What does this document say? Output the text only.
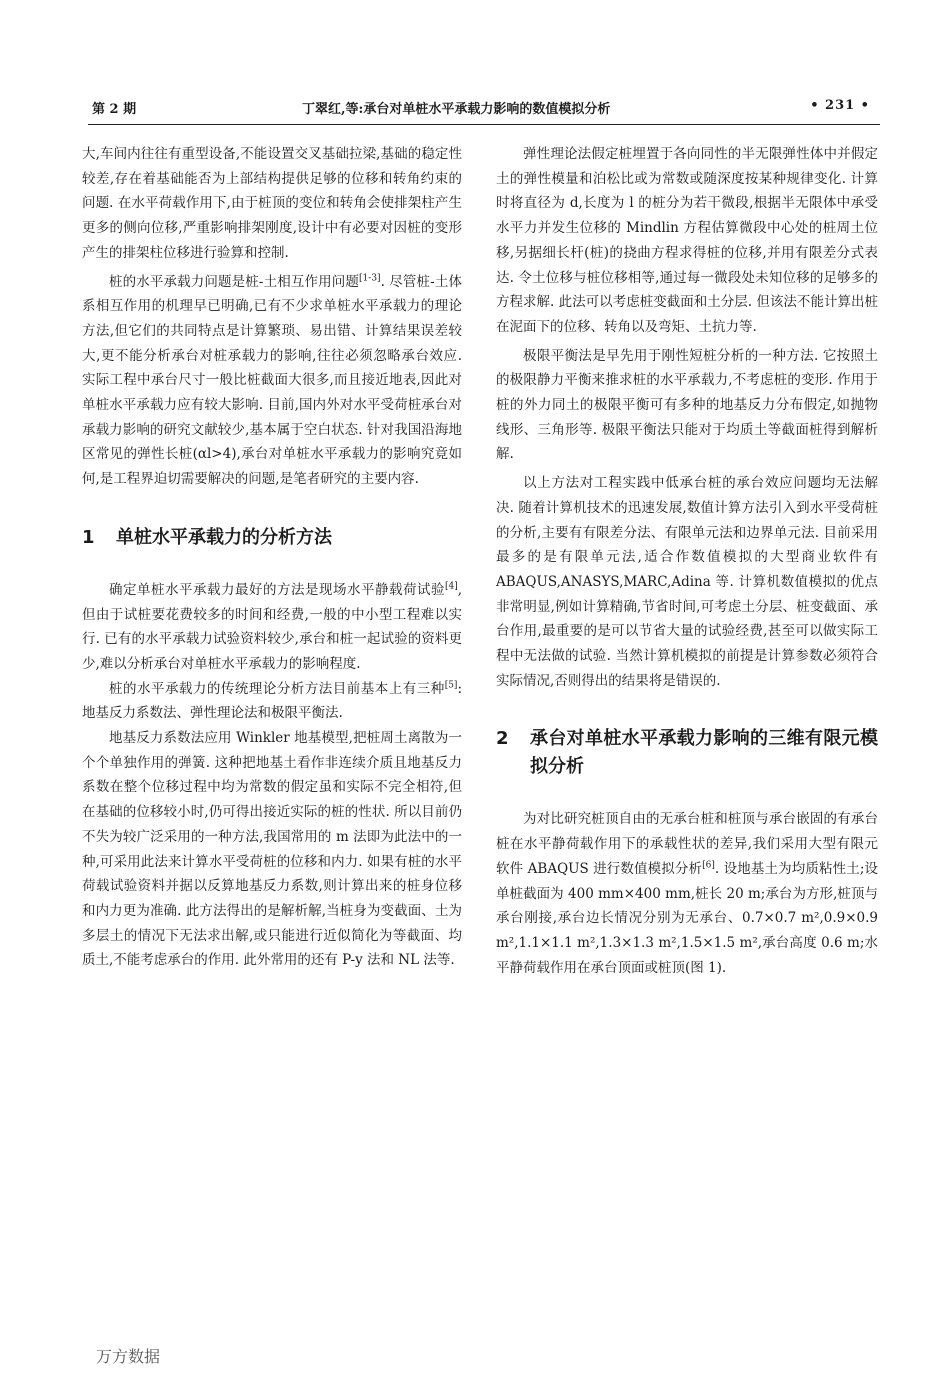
第 2 期	丁翠红,等:承台对单桩水平承载力影响的数值模拟分析	• 231 •

大,车间内往往有重型设备,不能设置交叉基础拉梁,基础的稳定性较差,存在着基础能否为上部结构提供足够的位移和转角约束的问题. 在水平荷载作用下,由于桩顶的变位和转角会使排架柱产生更多的侧向位移,严重影响排架刚度,设计中有必要对因桩的变形产生的排架柱位移进行验算和控制.

桩的水平承载力问题是桩-土相互作用问题[1-3]. 尽管桩-土体系相互作用的机理早已明确,已有不少求单桩水平承载力的理论方法,但它们的共同特点是计算繁琐、易出错、计算结果误差较大,更不能分析承台对桩承载力的影响,往往必须忽略承台效应. 实际工程中承台尺寸一般比桩截面大很多,而且接近地表,因此对单桩水平承载力应有较大影响. 目前,国内外对水平受荷桩承台对承载力影响的研究文献较少,基本属于空白状态. 针对我国沿海地区常见的弹性长桩(αl>4),承台对单桩水平承载力的影响究竟如何,是工程界迫切需要解决的问题,是笔者研究的主要内容.

1	单桩水平承载力的分析方法

确定单桩水平承载力最好的方法是现场水平静载荷试验[4],但由于试桩要花费较多的时间和经费,一般的中小型工程难以实行. 已有的水平承载力试验资料较少,承台和桩一起试验的资料更少,难以分析承台对单桩水平承载力的影响程度.

桩的水平承载力的传统理论分析方法目前基本上有三种[5]:地基反力系数法、弹性理论法和极限平衡法.

地基反力系数法应用 Winkler 地基模型,把桩周土离散为一个个单独作用的弹簧. 这种把地基土看作非连续介质且地基反力系数在整个位移过程中均为常数的假定虽和实际不完全相符,但在基础的位移较小时,仍可得出接近实际的桩的性状. 所以目前仍不失为较广泛采用的一种方法,我国常用的 m 法即为此法中的一种,可采用此法来计算水平受荷桩的位移和内力. 如果有桩的水平荷载试验资料并据以反算地基反力系数,则计算出来的桩身位移和内力更为准确. 此方法得出的是解析解,当桩身为变截面、土为多层土的情况下无法求出解,或只能进行近似简化为等截面、均质土,不能考虑承台的作用. 此外常用的还有 P-y 法和 NL 法等.

弹性理论法假定桩埋置于各向同性的半无限弹性体中并假定土的弹性模量和泊松比或为常数或随深度按某种规律变化. 计算时将直径为 d,长度为 l 的桩分为若干微段,根据半无限体中承受水平力并发生位移的 Mindlin 方程估算微段中心处的桩周土位移,另据细长杆(桩)的挠曲方程求得桩的位移,并用有限差分式表达. 令土位移与桩位移相等,通过每一微段处未知位移的足够多的方程求解. 此法可以考虑桩变截面和土分层. 但该法不能计算出桩在泥面下的位移、转角以及弯矩、土抗力等.

极限平衡法是早先用于刚性短桩分析的一种方法. 它按照土的极限静力平衡来推求桩的水平承载力,不考虑桩的变形. 作用于桩的外力同土的极限平衡可有多种的地基反力分布假定,如抛物线形、三角形等. 极限平衡法只能对于均质土等截面桩得到解析解.

以上方法对工程实践中低承台桩的承台效应问题均无法解决. 随着计算机技术的迅速发展,数值计算方法引入到水平受荷桩的分析,主要有有限差分法、有限单元法和边界单元法. 目前采用最多的是有限单元法,适合作数值模拟的大型商业软件有 ABAQUS,ANASYS,MARC,Adina 等. 计算机数值模拟的优点非常明显,例如计算精确,节省时间,可考虑土分层、桩变截面、承台作用,最重要的是可以节省大量的试验经费,甚至可以做实际工程中无法做的试验. 当然计算机模拟的前提是计算参数必须符合实际情况,否则得出的结果将是错误的.

2	承台对单桩水平承载力影响的三维有限元模拟分析

为对比研究桩顶自由的无承台桩和桩顶与承台嵌固的有承台桩在水平静荷载作用下的承载性状的差异,我们采用大型有限元软件 ABAQUS 进行数值模拟分析[6]. 设地基土为均质粘性土;设单桩截面为 400 mm×400 mm,桩长 20 m;承台为方形,桩顶与承台刚接,承台边长情况分别为无承台、0.7×0.7 m²,0.9×0.9 m²,1.1×1.1 m²,1.3×1.3 m²,1.5×1.5 m²,承台高度 0.6 m;水平静荷载作用在承台顶面或桩顶(图 1).

万方数据
